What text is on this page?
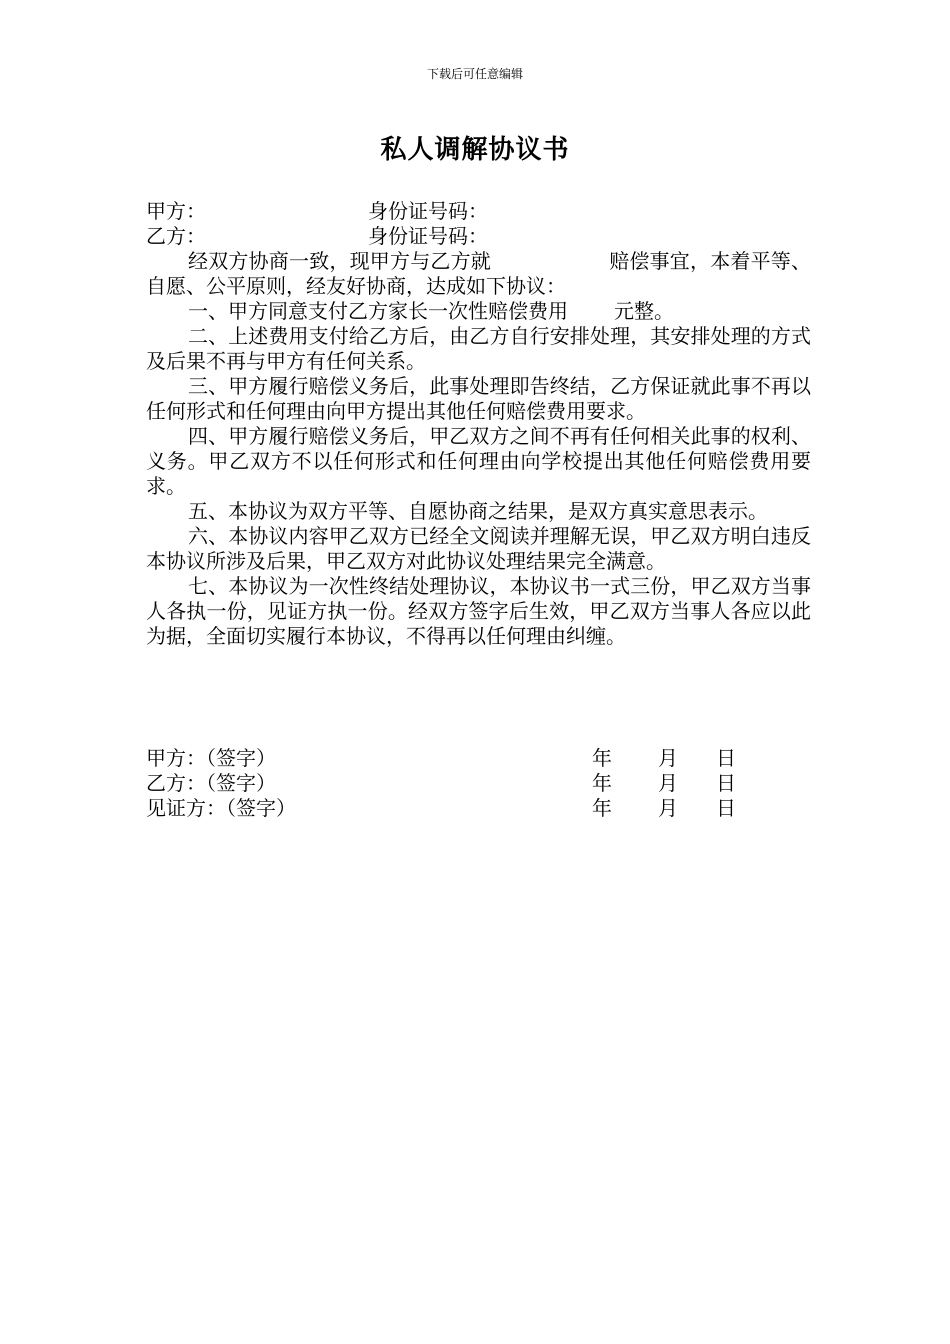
下载后可任意编辑
私人调解协议书
甲方：	身份证号码：
乙方：	身份证号码：

经双方协商一致，现甲方与乙方就	赔偿事宜，本着平等、自愿、公平原则，经友好协商，达成如下协议：

一、甲方同意支付乙方家长一次性赔偿费用 元整。

二、上述费用支付给乙方后，由乙方自行安排处理，其安排处理的方式及后果不再与甲方有任何关系。

三、甲方履行赔偿义务后，此事处理即告终结，乙方保证就此事不再以任何形式和任何理由向甲方提出其他任何赔偿费用要求。

四、甲方履行赔偿义务后，甲乙双方之间不再有任何相关此事的权利、义务。甲乙双方不以任何形式和任何理由向学校提出其他任何赔偿费用要求。

五、本协议为双方平等、自愿协商之结果，是双方真实意思表示。

六、本协议内容甲乙双方已经全文阅读并理解无误，甲乙双方明白违反本协议所涉及后果，甲乙双方对此协议处理结果完全满意。

七、本协议为一次性终结处理协议，本协议书一式三份，甲乙双方当事人各执一份，见证方执一份。经双方签字后生效，甲乙双方当事人各应以此为据，全面切实履行本协议，不得再以任何理由纠缠。

甲方：（签字）	年 月 日
乙方：（签字）	年 月 日
见证方：（签字）	年 月 日
